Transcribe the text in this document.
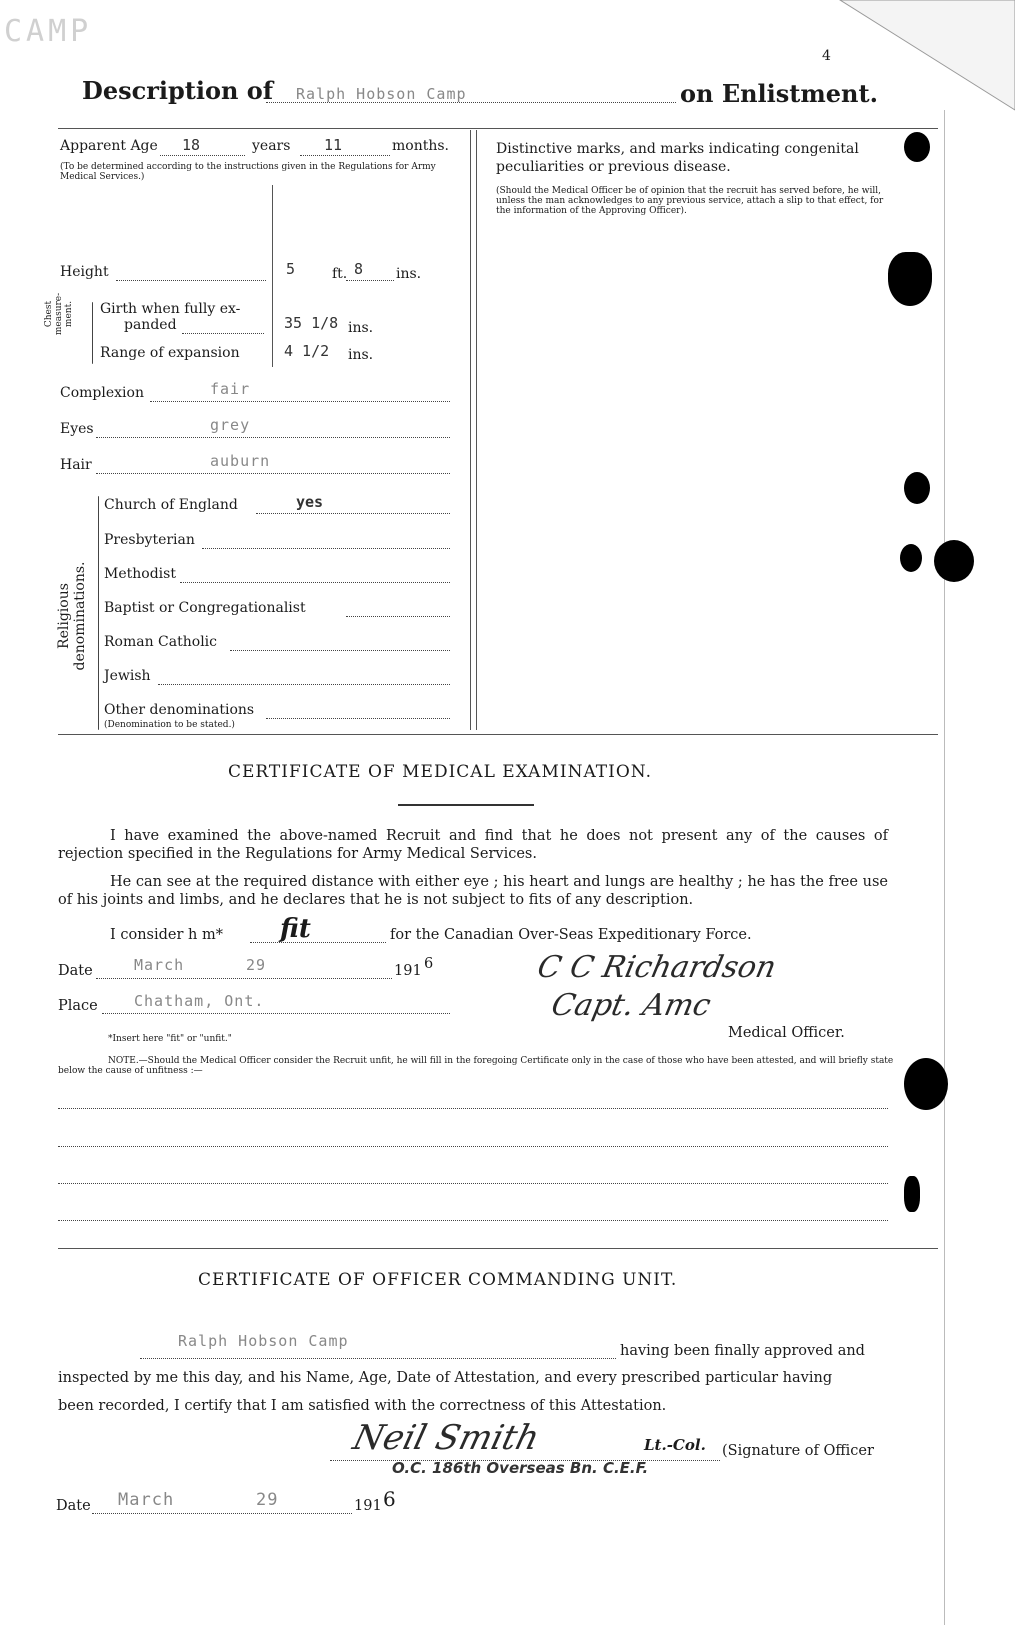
CAMP
4
Description of Ralph Hobson Camp	on Enlistment.
Apparent Age 18	years 11	months.
(To be determined according to the instructions given in the Regulations for Army Medical Services.)
Distinctive marks, and marks indicating congenital peculiarities or previous disease.
(Should the Medical Officer be of opinion that the recruit has served before, he will, unless the man acknowledges to any previous service, attach a slip to that effect, for the information of the Approving Officer).
Height	5	ft. 8 ins.
Chest measure-ment. Girth when fully ex-
panded	35 1/8 ins.
Range of expansion	4 1/2 ins.
Complexion	fair
Eyes	grey
Hair	auburn
Religious denominations.
Church of England	yes
Presbyterian
Methodist
Baptist or Congregationalist
Roman Catholic
Jewish
Other denominations
(Denomination to be stated.)
CERTIFICATE OF MEDICAL EXAMINATION.
I have examined the above-named Recruit and find that he does not present any of the causes of rejection specified in the Regulations for Army Medical Services.
He can see at the required distance with either eye ; his heart and lungs are healthy ; he has the free use of his joints and limbs, and he declares that he is not subject to fits of any description.
I consider h m* fit	for the Canadian Over-Seas Expeditionary Force.
Date	March	29	191 6	C C Richardson
Place Chatham, Ont.	Capt. Amc
Medical Officer.
*Insert here "fit" or "unfit."
NOTE.—Should the Medical Officer consider the Recruit unfit, he will fill in the foregoing Certificate only in the case of those who have been attested, and will briefly state below the cause of unfitness :—
CERTIFICATE OF OFFICER COMMANDING UNIT.
Ralph Hobson Camp
having been finally approved and
inspected by me this day, and his Name, Age, Date of Attestation, and every prescribed particular having
been recorded, I certify that I am satisfied with the correctness of this Attestation.
Neil Smith	Lt.-Col. (Signature of Officer
O.C. 186th Overseas Bn. C.E.F.
Date March	29	191 6
